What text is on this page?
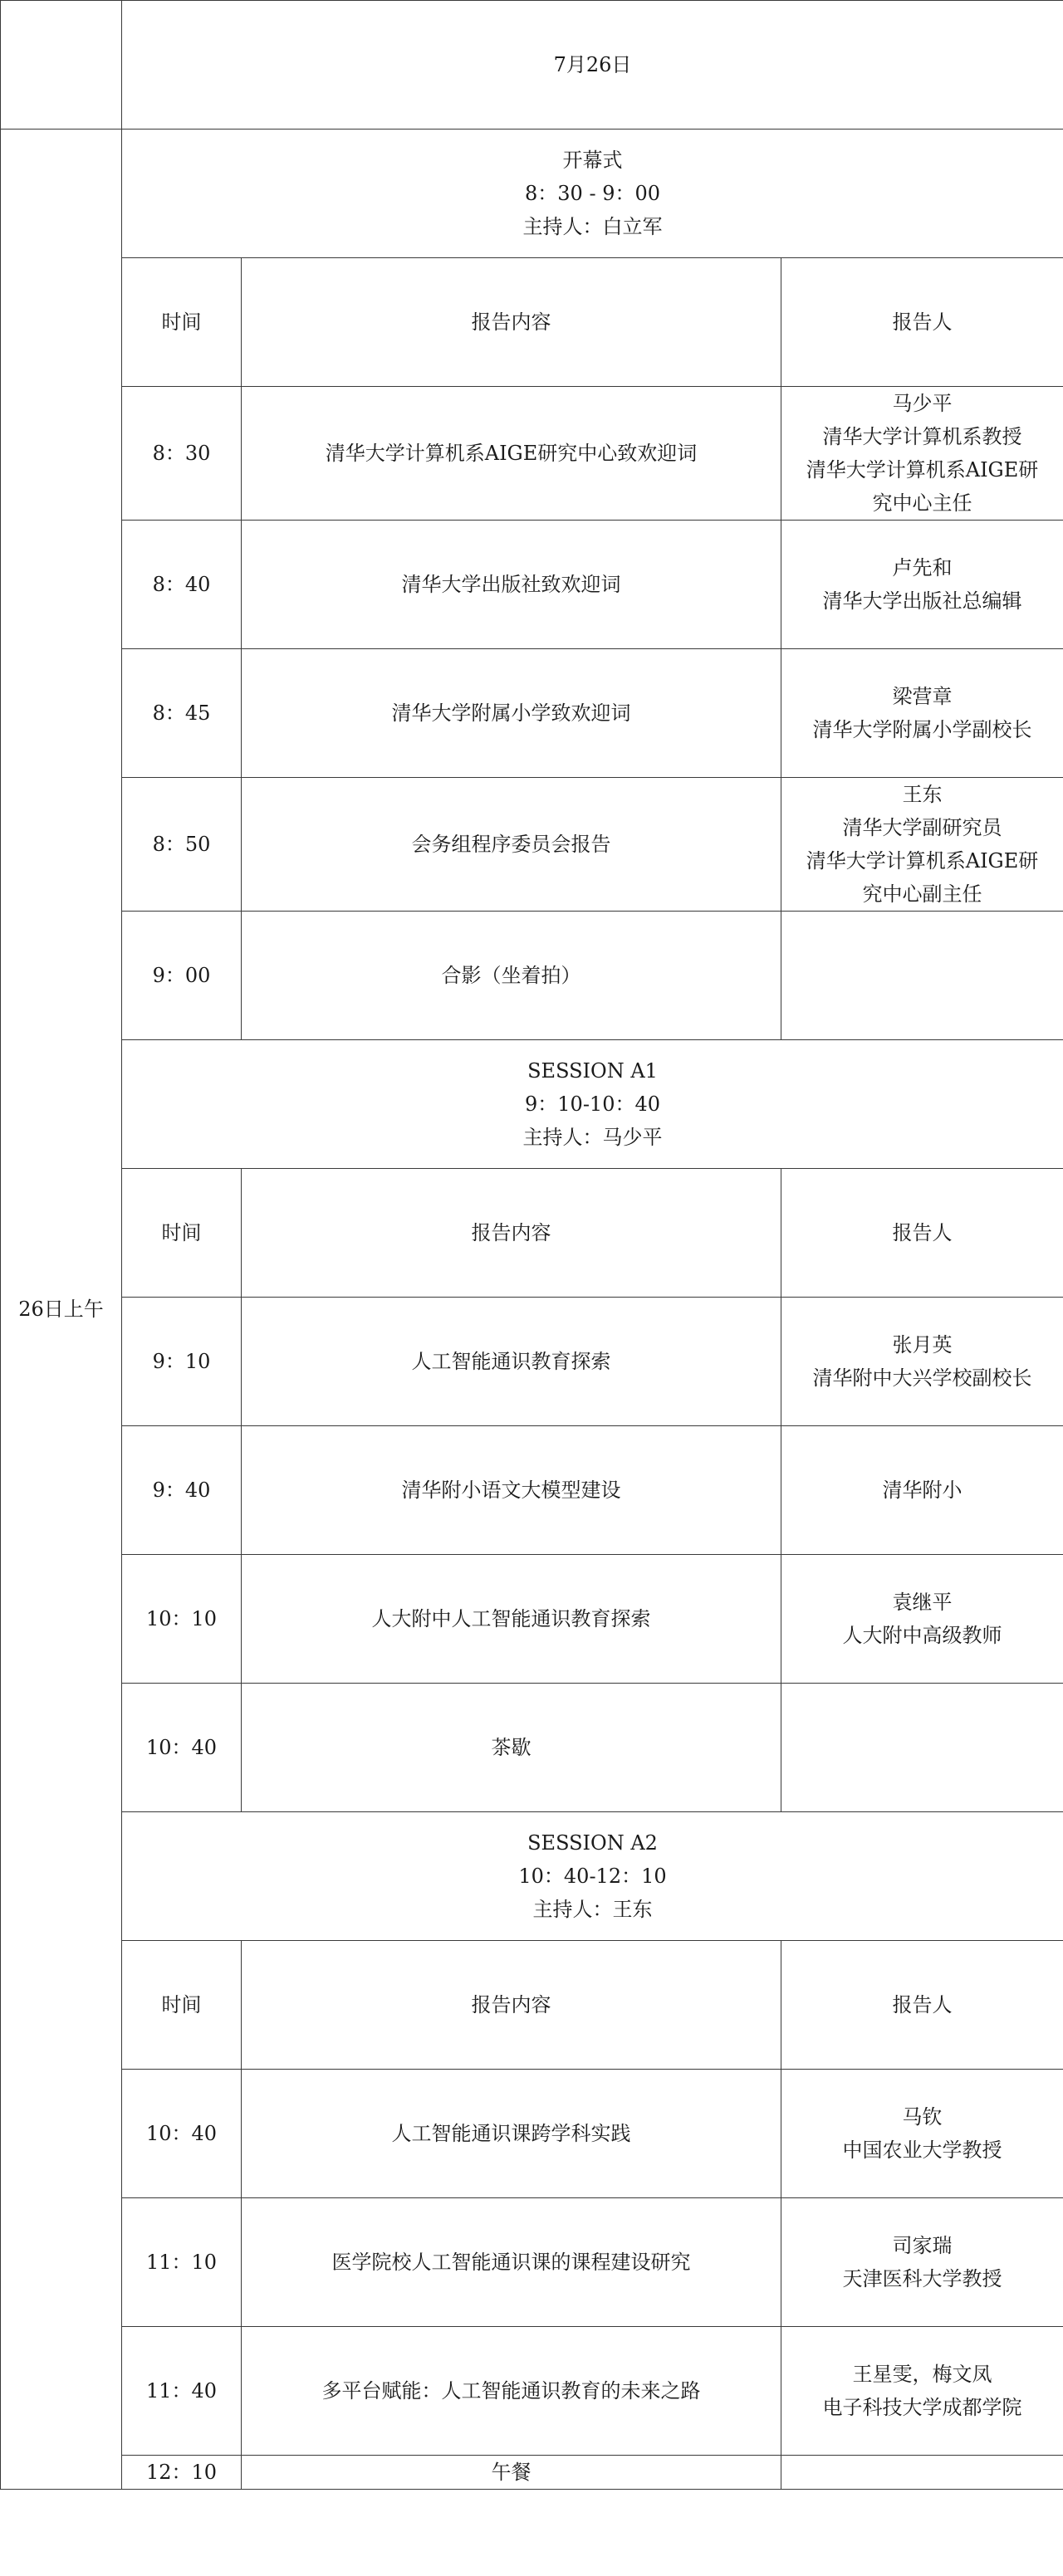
	7月26日		
26日上午	开幕式
8：30 - 9：00
主持人：白立军		

	时间	报告内容	报告人
	8：30	清华大学计算机系AIGE研究中心致欢迎词	马少平
清华大学计算机系教授
清华大学计算机系AIGE研
究中心主任

	8：40	清华大学出版社致欢迎词	卢先和
清华大学出版社总编辑

	8：45	清华大学附属小学致欢迎词	梁营章
清华大学附属小学副校长

	8：50	会务组程序委员会报告	王东
清华大学副研究员
清华大学计算机系AIGE研
究中心副主任

	9：00	合影（坐着拍）	

	SESSION A1
9：10-10：40
主持人：马少平		

	时间	报告内容	报告人
	9：10	人工智能通识教育探索	张月英
清华附中大兴学校副校长

	9：40	清华附小语文大模型建设	清华附小

	10：10	人大附中人工智能通识教育探索	袁继平
人大附中高级教师

	10：40	茶歇	

	SESSION A2
10：40-12：10
主持人：王东		

	时间	报告内容	报告人
	10：40	人工智能通识课跨学科实践	马钦
中国农业大学教授

	11：10	医学院校人工智能通识课的课程建设研究	司家瑞
天津医科大学教授

	11：40	多平台赋能：人工智能通识教育的未来之路	王星雯，梅文凤
电子科技大学成都学院

	12：10	午餐	
